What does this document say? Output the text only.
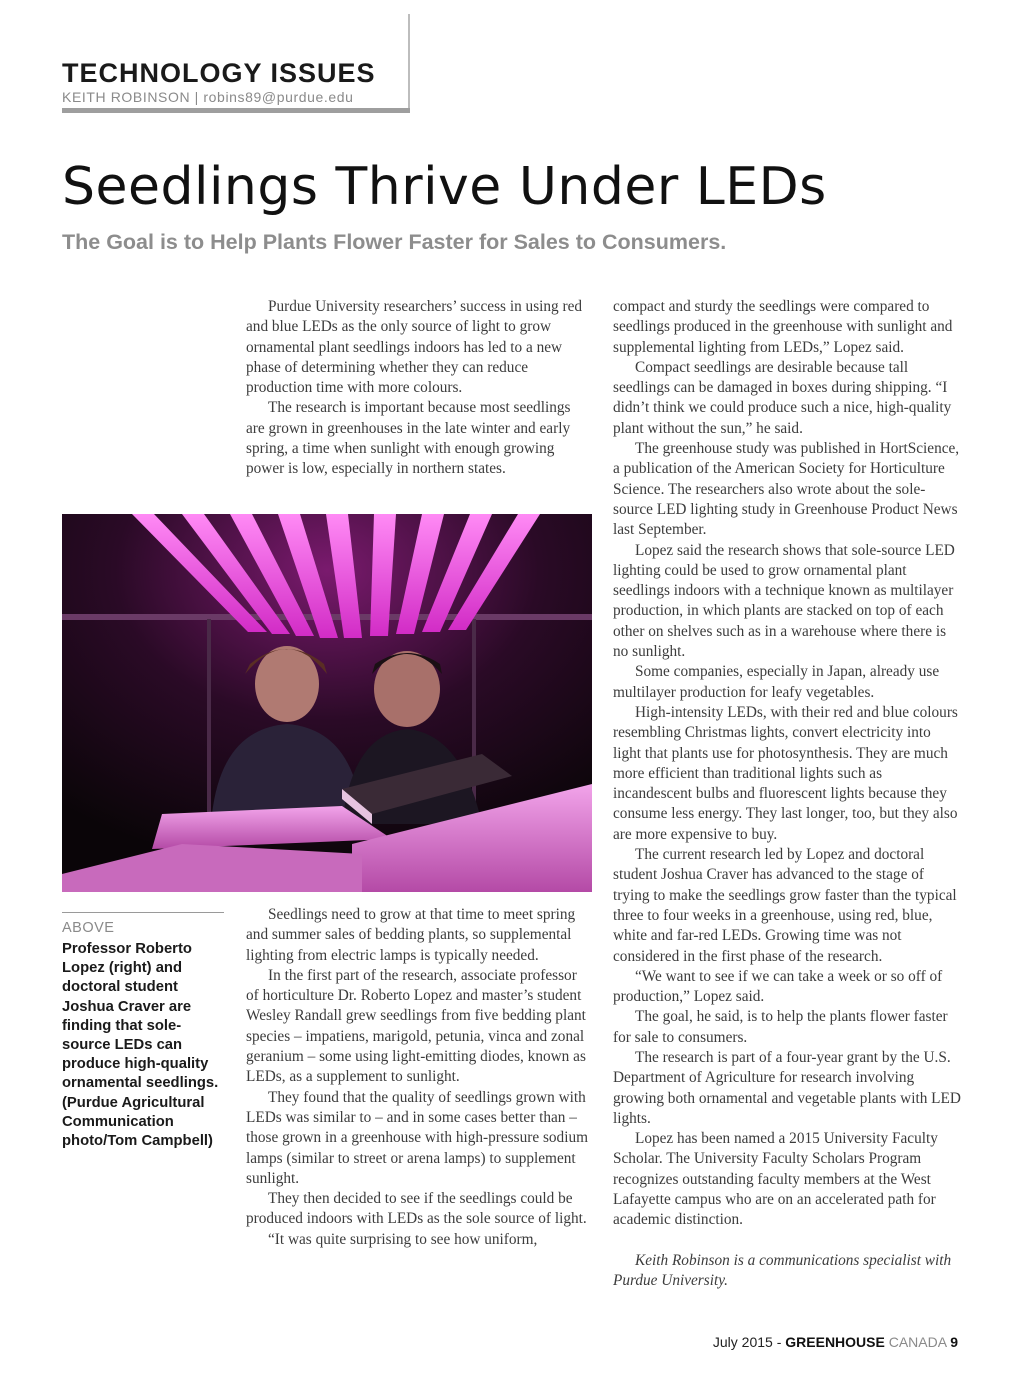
TECHNOLOGY ISSUES
KEITH ROBINSON | robins89@purdue.edu
Seedlings Thrive Under LEDs
The Goal is to Help Plants Flower Faster for Sales to Consumers.

Purdue University researchers’ success in using red and blue LEDs as the only source of light to grow ornamental plant seedlings indoors has led to a new phase of determining whether they can reduce production time with more colours.

The research is important because most seedlings are grown in greenhouses in the late winter and early spring, a time when sunlight with enough growing power is low, especially in northern states.

ABOVE
Professor Roberto Lopez (right) and doctoral student Joshua Craver are finding that sole-source LEDs can produce high-quality ornamental seedlings. (Purdue Agricultural Communication photo/Tom Campbell)

Seedlings need to grow at that time to meet spring and summer sales of bedding plants, so supplemental lighting from electric lamps is typically needed.

In the first part of the research, associate professor of horticulture Dr. Roberto Lopez and master’s student Wesley Randall grew seedlings from five bedding plant species – impatiens, marigold, petunia, vinca and zonal geranium – some using light-emitting diodes, known as LEDs, as a supplement to sunlight.

They found that the quality of seedlings grown with LEDs was similar to – and in some cases better than – those grown in a greenhouse with high-pressure sodium lamps (similar to street or arena lamps) to supplement sunlight.

They then decided to see if the seedlings could be produced indoors with LEDs as the sole source of light.

“It was quite surprising to see how uniform,

compact and sturdy the seedlings were compared to seedlings produced in the greenhouse with sunlight and supplemental lighting from LEDs,” Lopez said.

Compact seedlings are desirable because tall seedlings can be damaged in boxes during shipping. “I didn’t think we could produce such a nice, high-quality plant without the sun,” he said.

The greenhouse study was published in HortScience, a publication of the American Society for Horticulture Science. The researchers also wrote about the sole-source LED lighting study in Greenhouse Product News last September.

Lopez said the research shows that sole-source LED lighting could be used to grow ornamental plant seedlings indoors with a technique known as multilayer production, in which plants are stacked on top of each other on shelves such as in a warehouse where there is no sunlight.

Some companies, especially in Japan, already use multilayer production for leafy vegetables.

High-intensity LEDs, with their red and blue colours resembling Christmas lights, convert electricity into light that plants use for photosynthesis. They are much more efficient than traditional lights such as incandescent bulbs and fluorescent lights because they consume less energy. They last longer, too, but they also are more expensive to buy.

The current research led by Lopez and doctoral student Joshua Craver has advanced to the stage of trying to make the seedlings grow faster than the typical three to four weeks in a greenhouse, using red, blue, white and far-red LEDs. Growing time was not considered in the first phase of the research.

“We want to see if we can take a week or so off of production,” Lopez said.

The goal, he said, is to help the plants flower faster for sale to consumers.

The research is part of a four-year grant by the U.S. Department of Agriculture for research involving growing both ornamental and vegetable plants with LED lights.

Lopez has been named a 2015 University Faculty Scholar. The University Faculty Scholars Program recognizes outstanding faculty members at the West Lafayette campus who are on an accelerated path for academic distinction.

Keith Robinson is a communications specialist with Purdue University.

July 2015 - GREENHOUSE CANADA 9
